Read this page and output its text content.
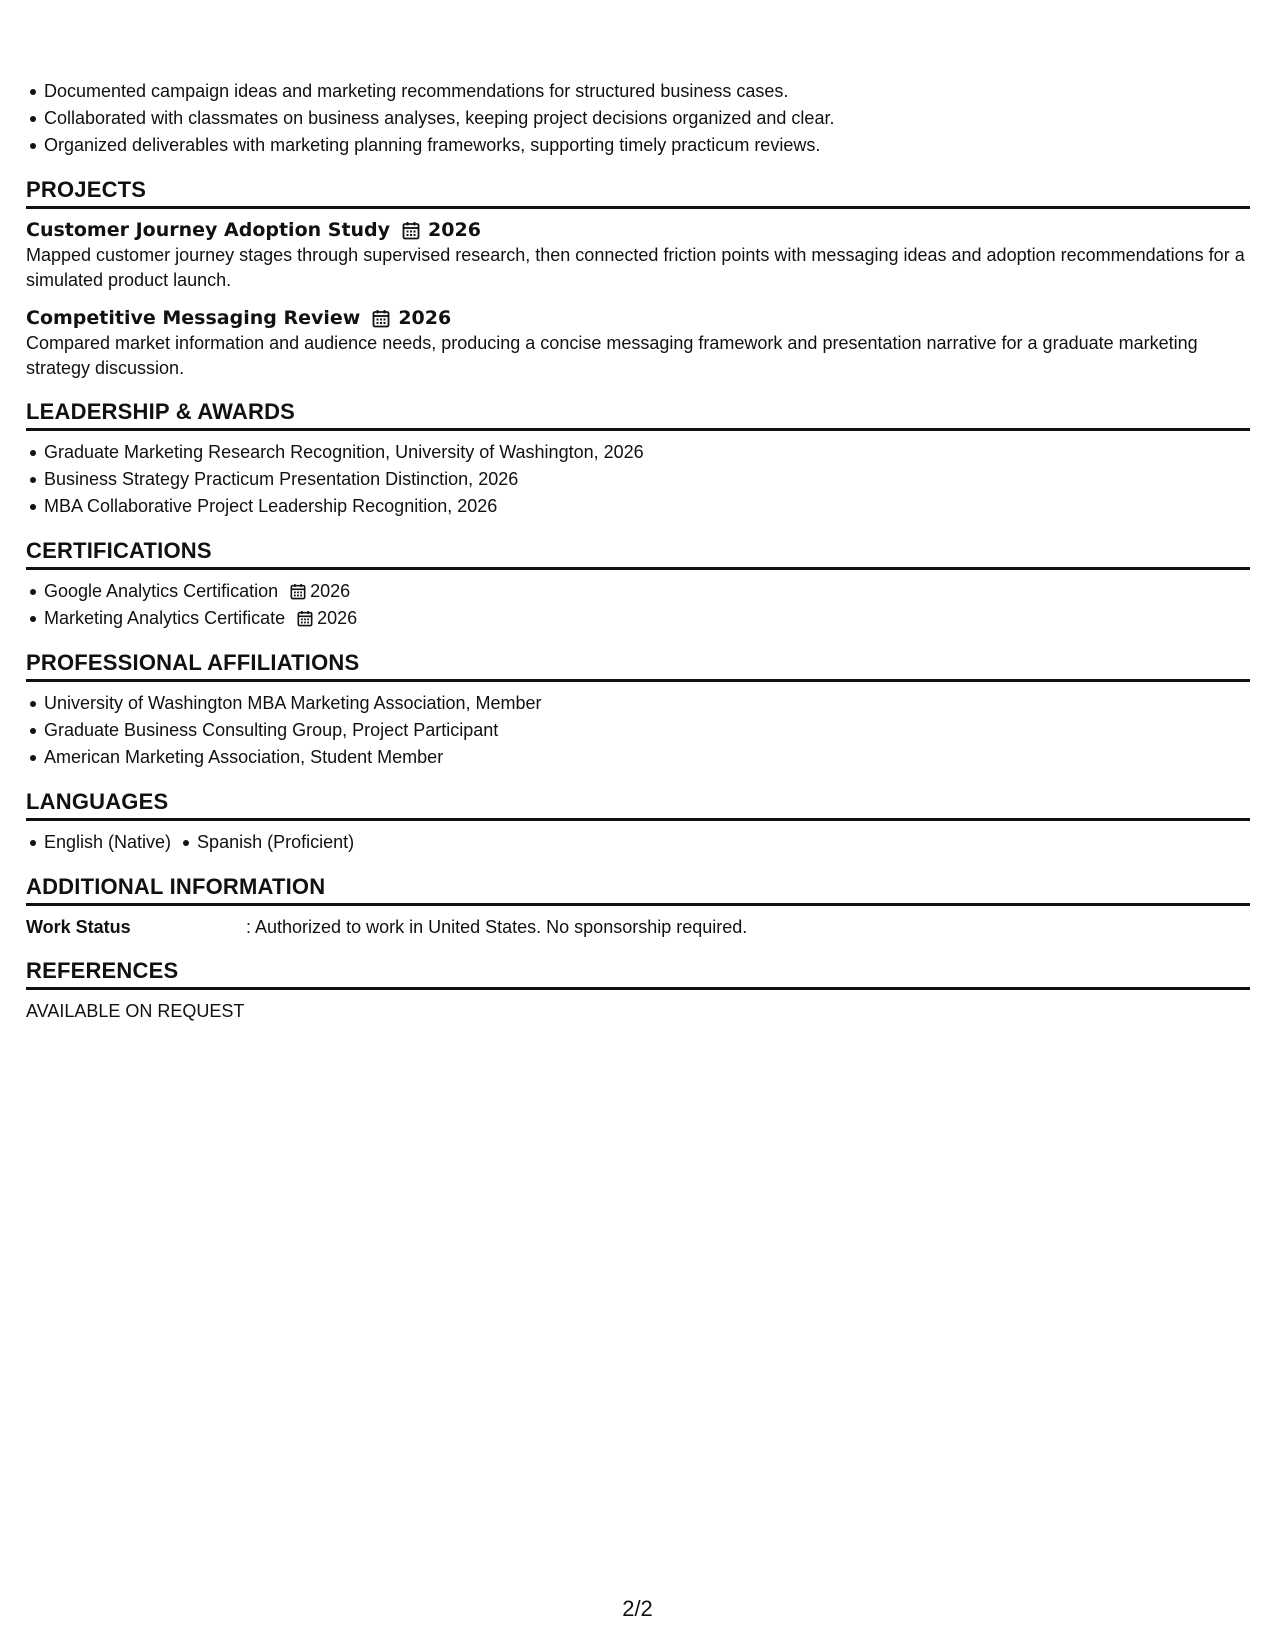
Documented campaign ideas and marketing recommendations for structured business cases.
Collaborated with classmates on business analyses, keeping project decisions organized and clear.
Organized deliverables with marketing planning frameworks, supporting timely practicum reviews.
PROJECTS
Customer Journey Adoption Study 2026
Mapped customer journey stages through supervised research, then connected friction points with messaging ideas and adoption recommendations for a simulated product launch.
Competitive Messaging Review 2026
Compared market information and audience needs, producing a concise messaging framework and presentation narrative for a graduate marketing strategy discussion.
LEADERSHIP & AWARDS
Graduate Marketing Research Recognition, University of Washington, 2026
Business Strategy Practicum Presentation Distinction, 2026
MBA Collaborative Project Leadership Recognition, 2026
CERTIFICATIONS
Google Analytics Certification 2026
Marketing Analytics Certificate 2026
PROFESSIONAL AFFILIATIONS
University of Washington MBA Marketing Association, Member
Graduate Business Consulting Group, Project Participant
American Marketing Association, Student Member
LANGUAGES
English (Native) Spanish (Proficient)
ADDITIONAL INFORMATION
Work Status	: Authorized to work in United States. No sponsorship required.
REFERENCES
AVAILABLE ON REQUEST
2/2
